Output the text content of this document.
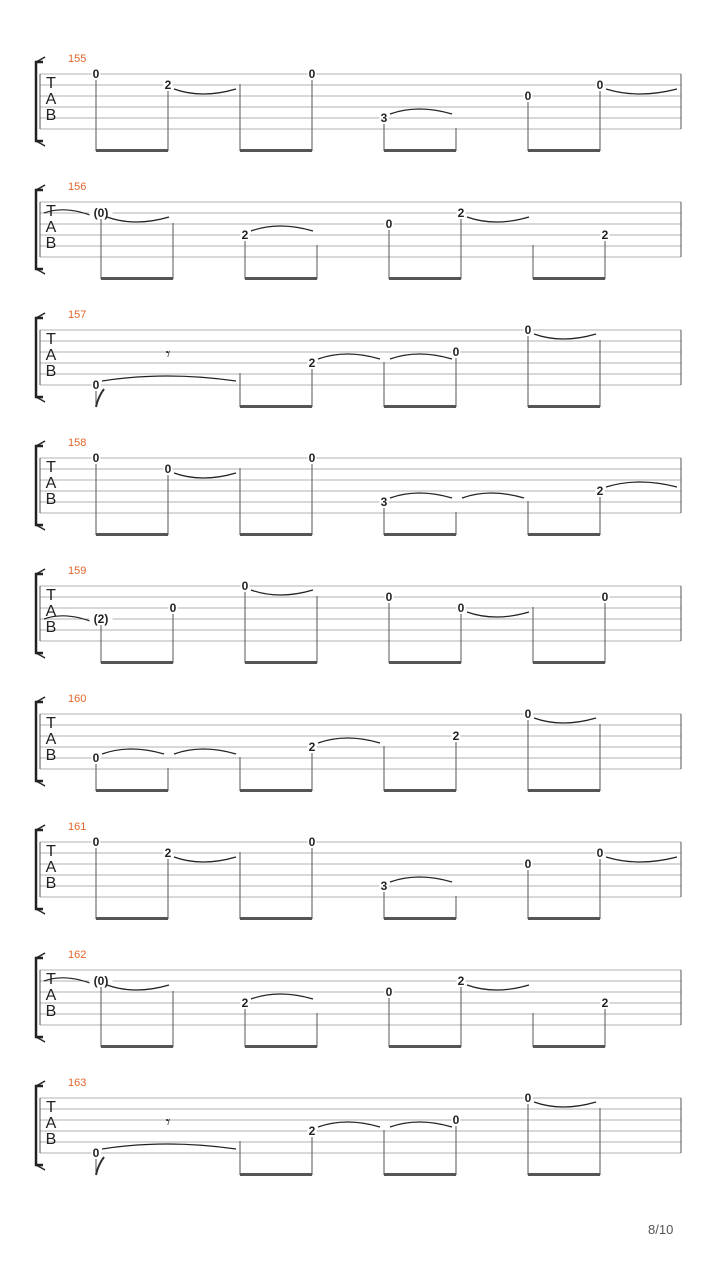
155
T
A
B
0
2
0
3
0
0
156
T
A
B
(0)
2
0
2
2
157
T
A
B
0
2
0
0
𝄾
158
T
A
B
0
0
0
3
2
159
T
A
B	(2)
0
0
0
0
0
160
T
A
B	0
2
2
0
161
T
A
B
0
2
0
3
0
0
162
T
A
B
(0)
2
0
2
2
163
T
A
B
0
2
0
0
𝄾
8/10
